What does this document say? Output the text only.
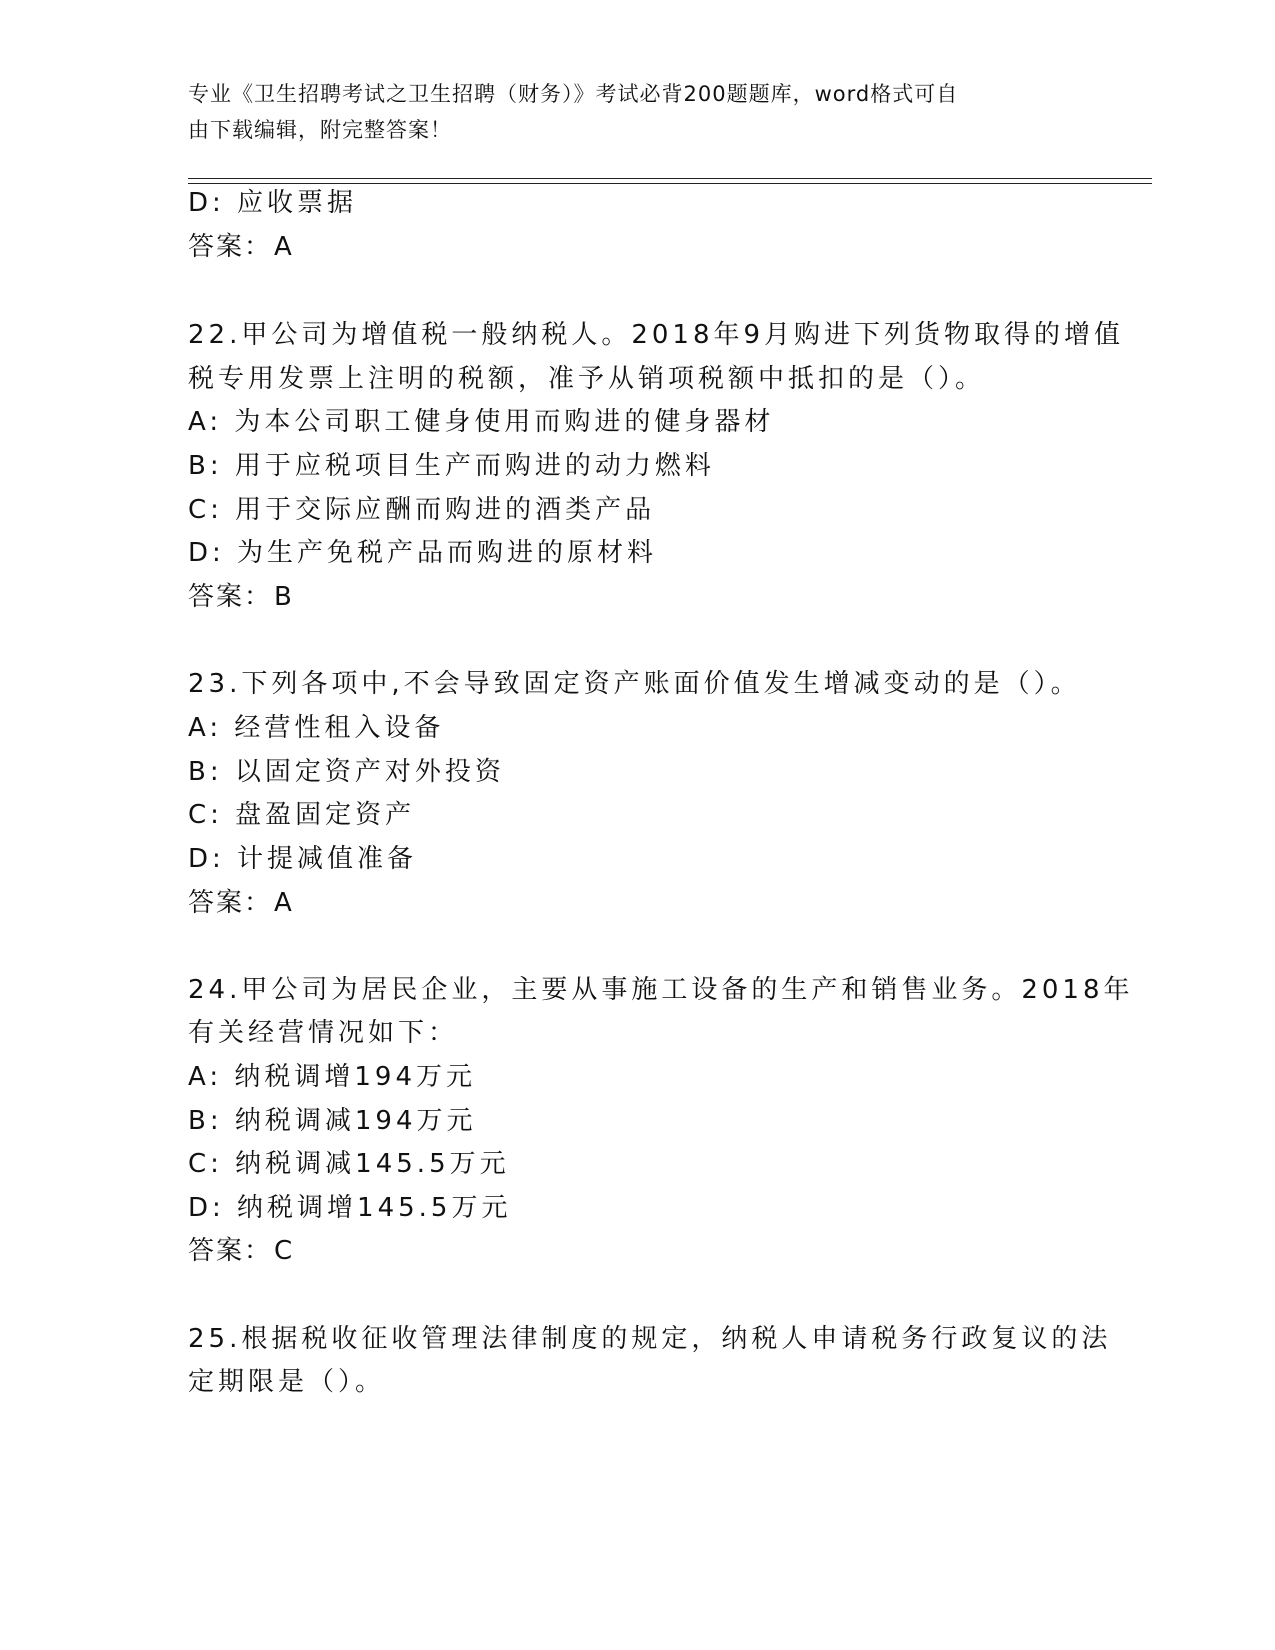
专业《卫生招聘考试之卫生招聘（财务）》考试必背200题题库，word格式可自
由下载编辑，附完整答案！
D: 应收票据
答案：A
22.甲公司为增值税一般纳税人。2018年9月购进下列货物取得的增值
税专用发票上注明的税额，准予从销项税额中抵扣的是（）。
A: 为本公司职工健身使用而购进的健身器材
B: 用于应税项目生产而购进的动力燃料
C: 用于交际应酬而购进的酒类产品
D: 为生产免税产品而购进的原材料
答案：B
23.下列各项中,不会导致固定资产账面价值发生增减变动的是（）。
A: 经营性租入设备
B: 以固定资产对外投资
C: 盘盈固定资产
D: 计提减值准备
答案：A
24.甲公司为居民企业，主要从事施工设备的生产和销售业务。2018年
有关经营情况如下：
A: 纳税调增194万元
B: 纳税调减194万元
C: 纳税调减145.5万元
D: 纳税调增145.5万元
答案：C
25.根据税收征收管理法律制度的规定，纳税人申请税务行政复议的法
定期限是（）。
